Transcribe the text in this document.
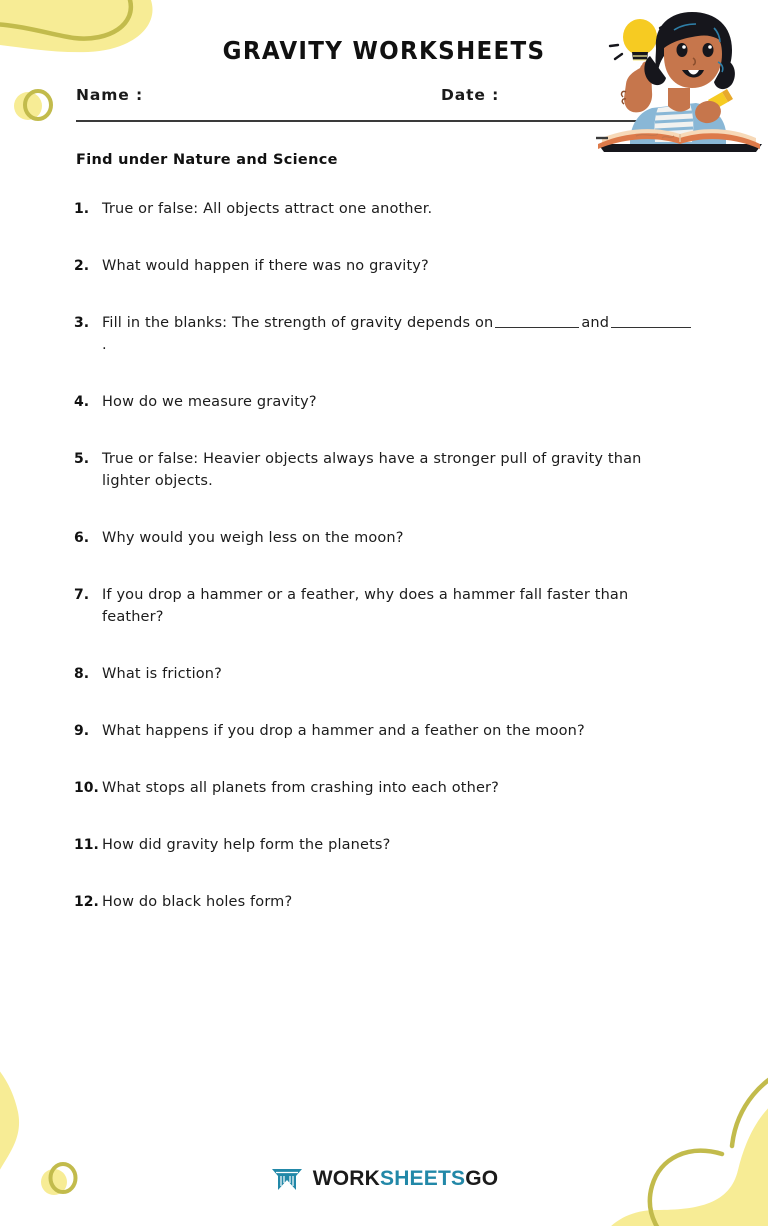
GRAVITY WORKSHEETS
Name :	Date :
Find under Nature and Science
1. True or false: All objects attract one another.
2. What would happen if there was no gravity?
3. Fill in the blanks: The strength of gravity depends on	and.
4. How do we measure gravity?
5. True or false: Heavier objects always have a stronger pull of gravity than lighter objects.
6. Why would you weigh less on the moon?
7. If you drop a hammer or a feather, why does a hammer fall faster than feather?
8. What is friction?
9. What happens if you drop a hammer and a feather on the moon?
10. What stops all planets from crashing into each other?
11. How did gravity help form the planets?
12. How do black holes form?
WORKSHEETSGO
